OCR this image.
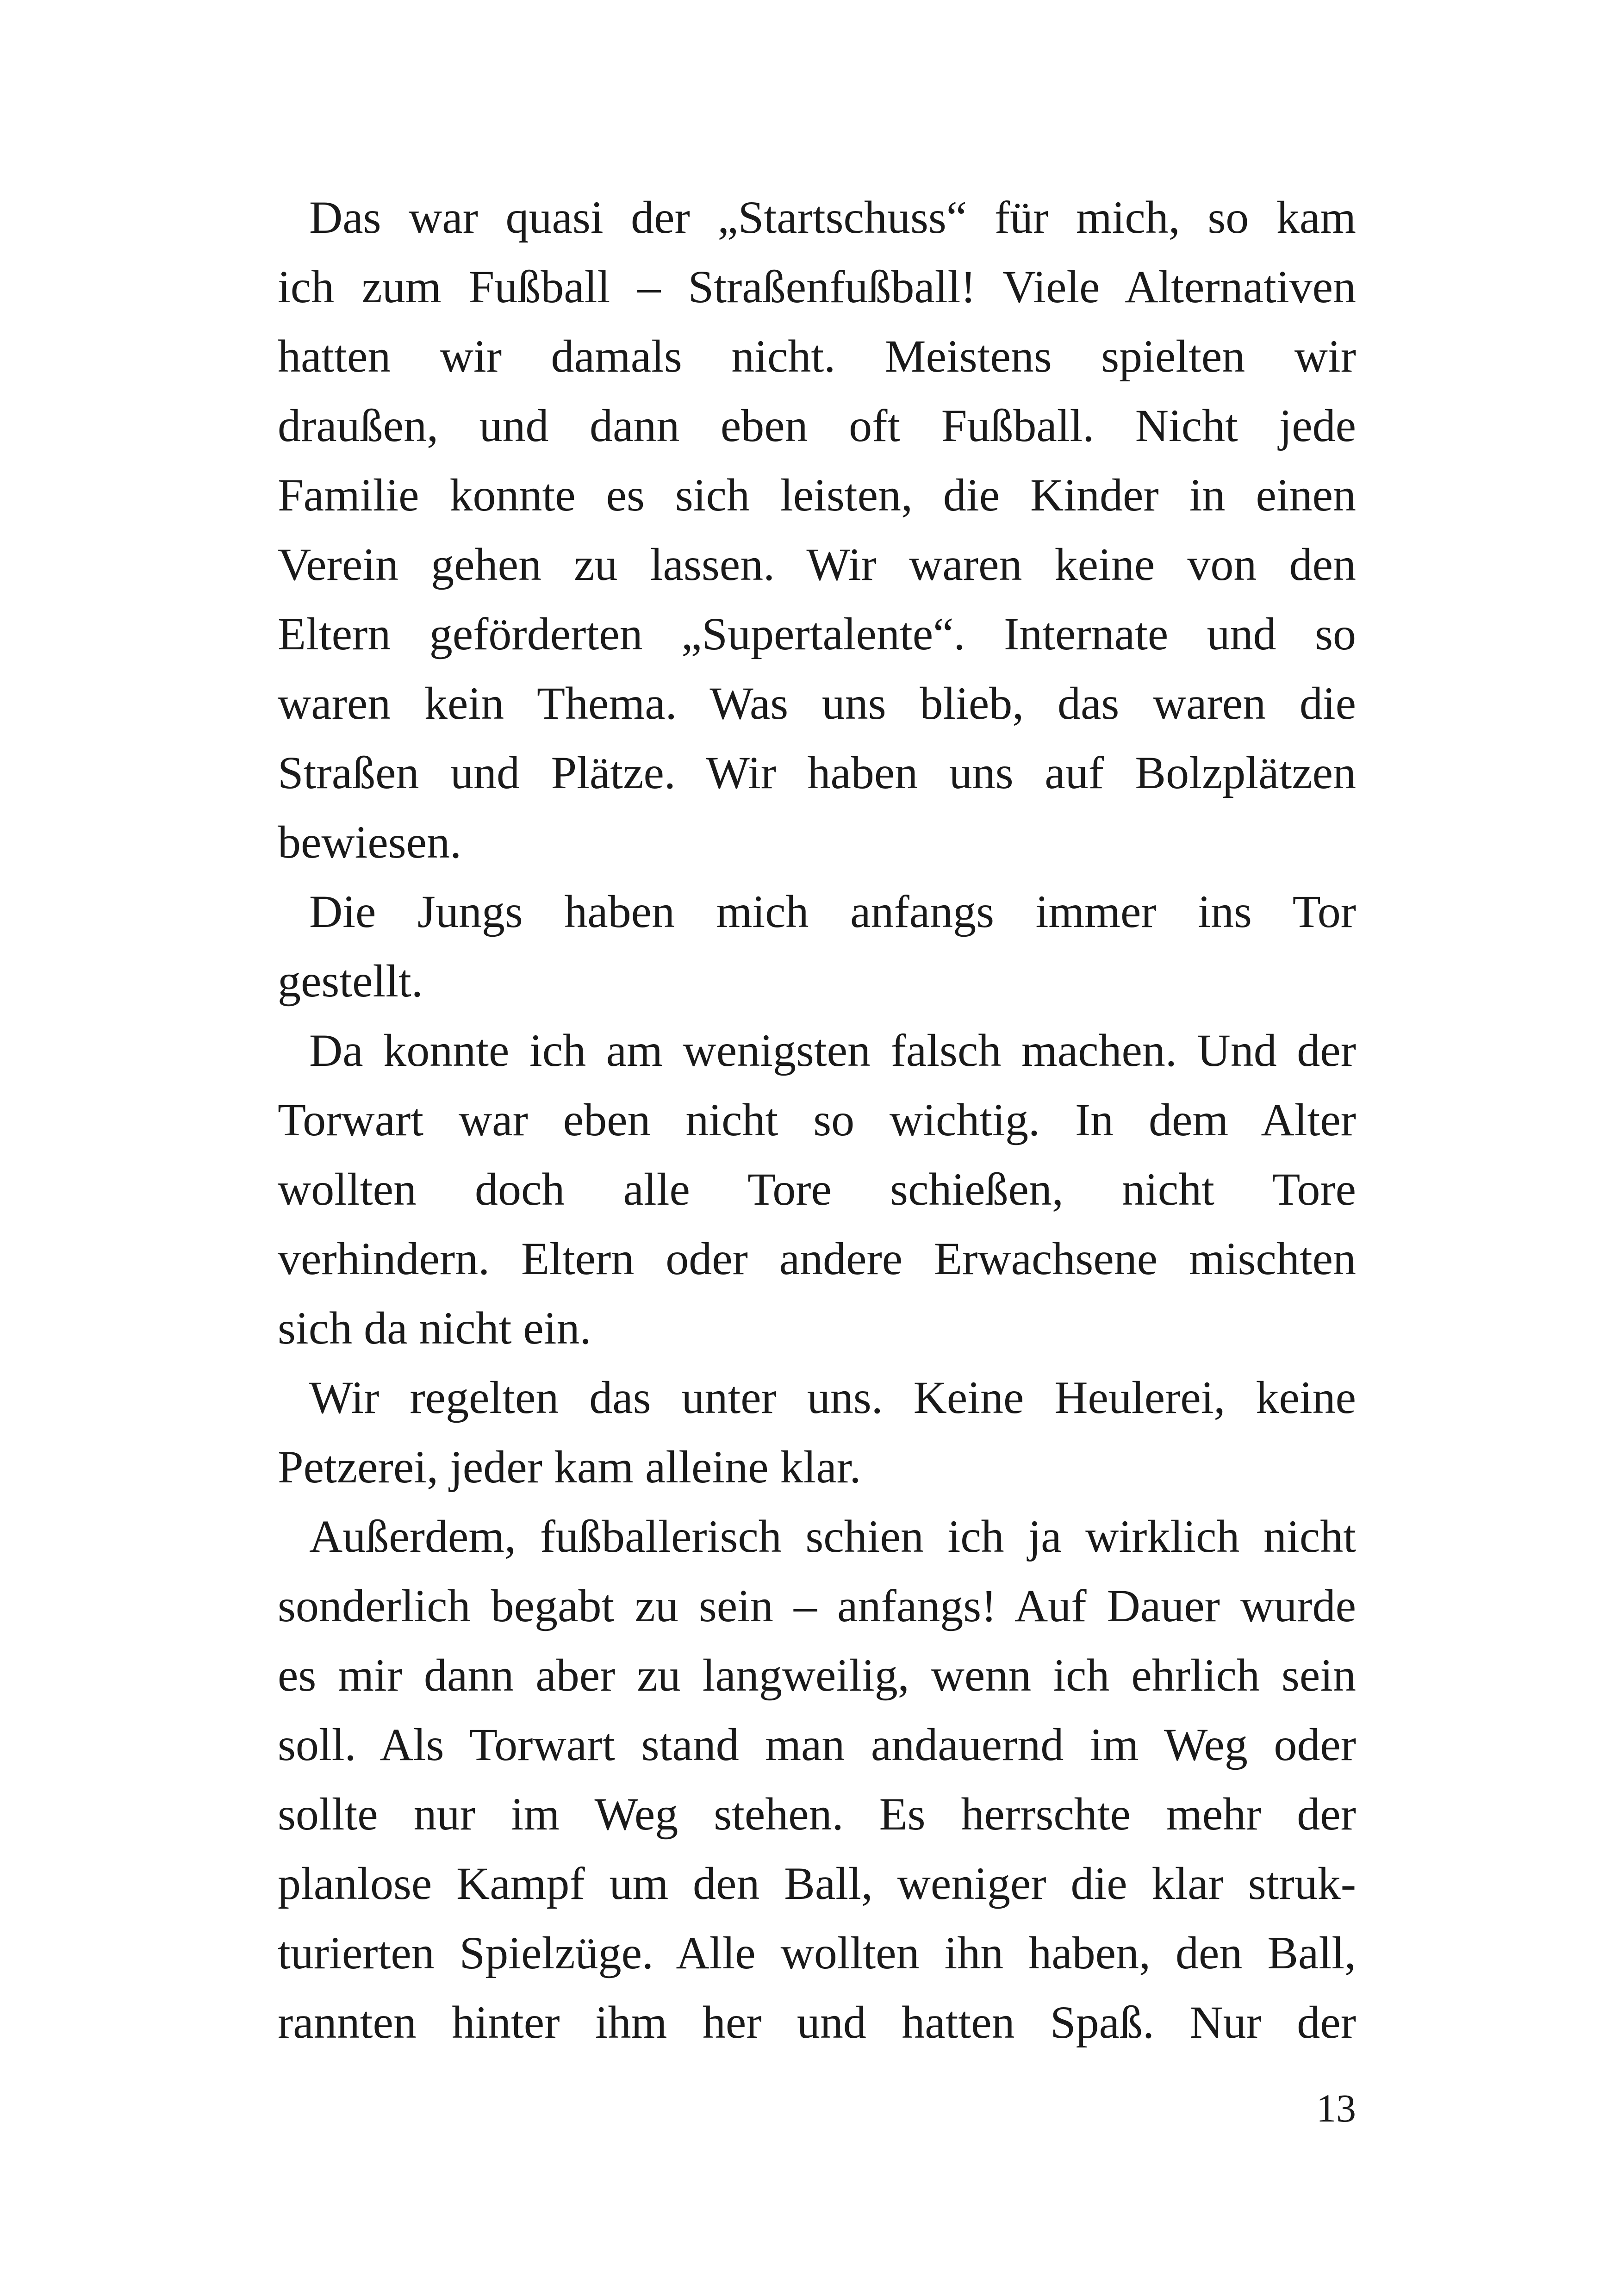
Das war quasi der „Startschuss“ für mich, so kam
ich zum Fußball – Straßenfußball! Viele Alternativen
hatten wir damals nicht. Meistens spielten wir
draußen, und dann eben oft Fußball. Nicht jede
Familie konnte es sich leisten, die Kinder in einen
Verein gehen zu lassen. Wir waren keine von den
Eltern geförderten „Supertalente“. Internate und so
waren kein Thema. Was uns blieb, das waren die
Straßen und Plätze. Wir haben uns auf Bolzplätzen
bewiesen.
Die Jungs haben mich anfangs immer ins Tor
gestellt.
Da konnte ich am wenigsten falsch machen. Und der
Torwart war eben nicht so wichtig. In dem Alter
wollten doch alle Tore schießen, nicht Tore
verhindern. Eltern oder andere Erwachsene mischten
sich da nicht ein.
Wir regelten das unter uns. Keine Heulerei, keine
Petzerei, jeder kam alleine klar.
Außerdem, fußballerisch schien ich ja wirklich nicht
sonderlich begabt zu sein – anfangs! Auf Dauer wurde
es mir dann aber zu langweilig, wenn ich ehrlich sein
soll. Als Torwart stand man andauernd im Weg oder
sollte nur im Weg stehen. Es herrschte mehr der
planlose Kampf um den Ball, weniger die klar struk-
turierten Spielzüge. Alle wollten ihn haben, den Ball,
rannten hinter ihm her und hatten Spaß. Nur der
13
